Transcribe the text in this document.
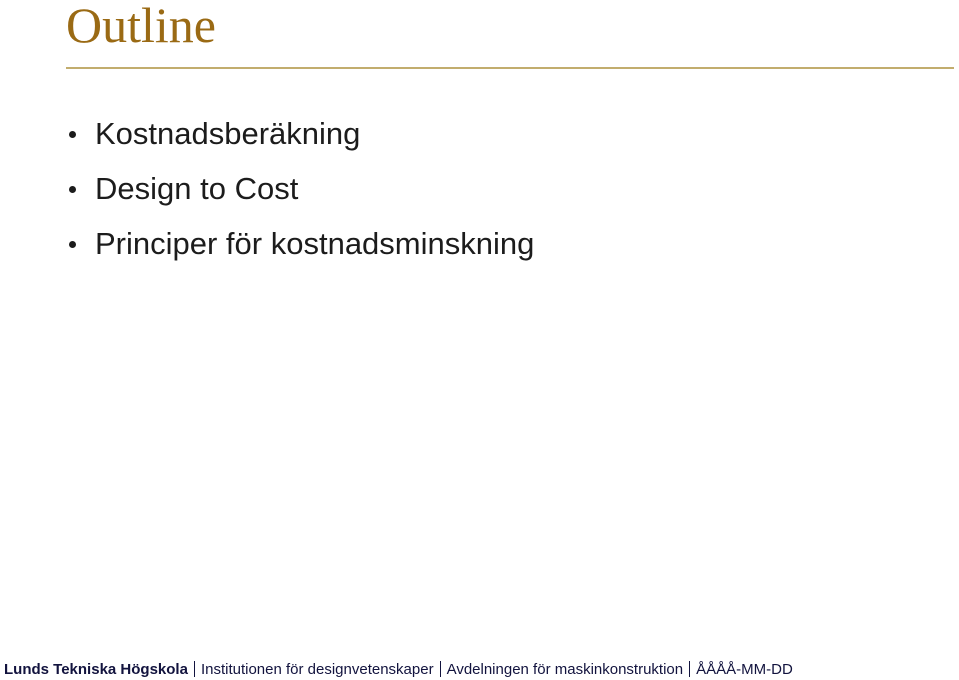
Outline
Kostnadsberäkning
Design to Cost
Principer för kostnadsminskning
Lunds Tekniska Högskola Institutionen för designvetenskaper Avdelningen för maskinkonstruktion ÅÅÅÅ-MM-DD
